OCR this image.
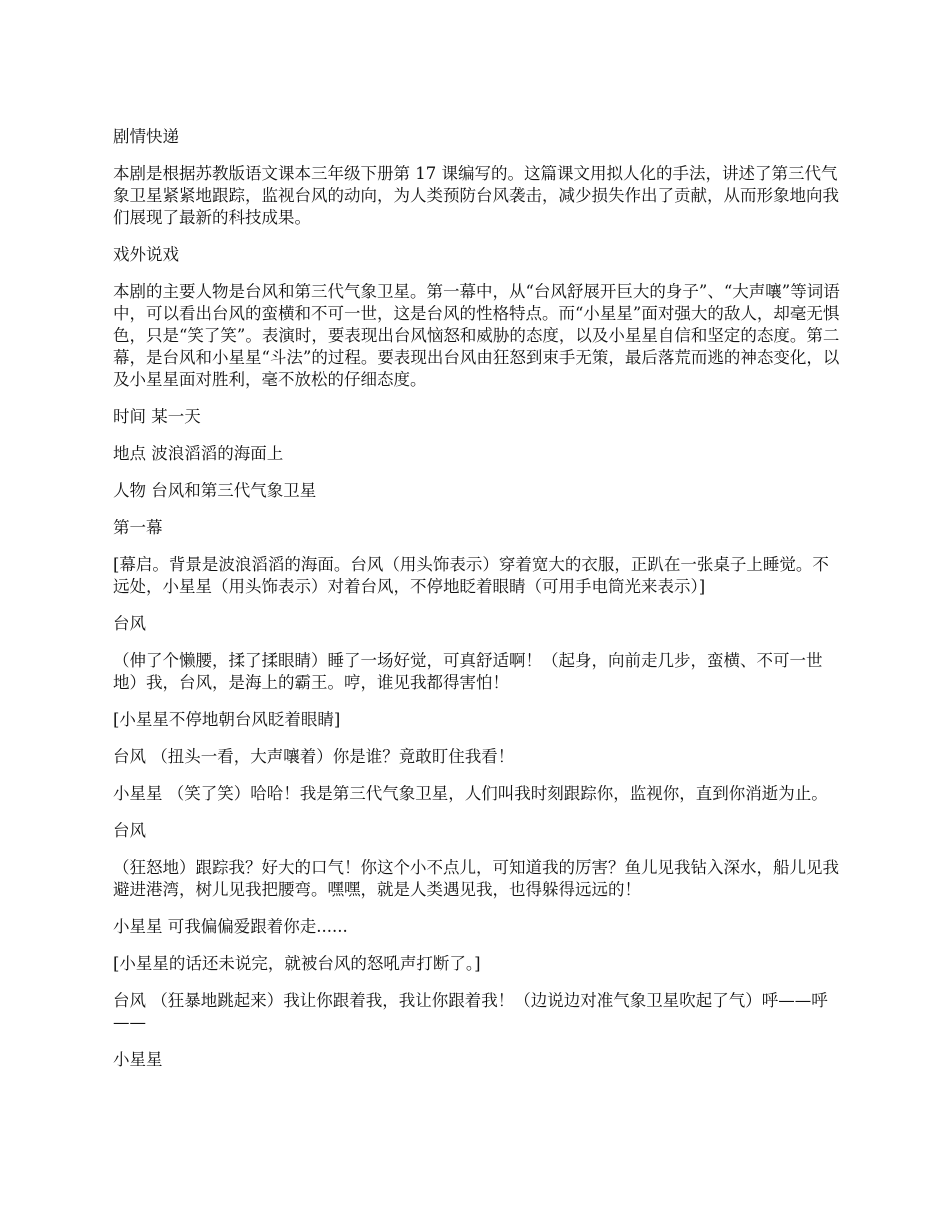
剧情快递

本剧是根据苏教版语文课本三年级下册第 17 课编写的。这篇课文用拟人化的手法，讲述了第三代气象卫星紧紧地跟踪，监视台风的动向，为人类预防台风袭击，减少损失作出了贡献，从而形象地向我们展现了最新的科技成果。

戏外说戏

本剧的主要人物是台风和第三代气象卫星。第一幕中，从“台风舒展开巨大的身子”、“大声嚷”等词语中，可以看出台风的蛮横和不可一世，这是台风的性格特点。而“小星星”面对强大的敌人，却毫无惧色，只是“笑了笑”。表演时，要表现出台风恼怒和威胁的态度，以及小星星自信和坚定的态度。第二幕，是台风和小星星“斗法”的过程。要表现出台风由狂怒到束手无策，最后落荒而逃的神态变化，以及小星星面对胜利，毫不放松的仔细态度。

时间 某一天

地点 波浪滔滔的海面上

人物 台风和第三代气象卫星

第一幕

[幕启。背景是波浪滔滔的海面。台风（用头饰表示）穿着宽大的衣服，正趴在一张桌子上睡觉。不远处，小星星（用头饰表示）对着台风，不停地眨着眼睛（可用手电筒光来表示）]

台风

（伸了个懒腰，揉了揉眼睛）睡了一场好觉，可真舒适啊！（起身，向前走几步，蛮横、不可一世地）我，台风，是海上的霸王。哼，谁见我都得害怕！

[小星星不停地朝台风眨着眼睛]

台风 （扭头一看，大声嚷着）你是谁？竟敢盯住我看！

小星星 （笑了笑）哈哈！我是第三代气象卫星，人们叫我时刻跟踪你，监视你，直到你消逝为止。

台风

（狂怒地）跟踪我？好大的口气！你这个小不点儿，可知道我的厉害？鱼儿见我钻入深水，船儿见我避进港湾，树儿见我把腰弯。嘿嘿，就是人类遇见我，也得躲得远远的！

小星星 可我偏偏爱跟着你走......

[小星星的话还未说完，就被台风的怒吼声打断了。]

台风 （狂暴地跳起来）我让你跟着我，我让你跟着我！（边说边对准气象卫星吹起了气）呼——呼——

小星星
